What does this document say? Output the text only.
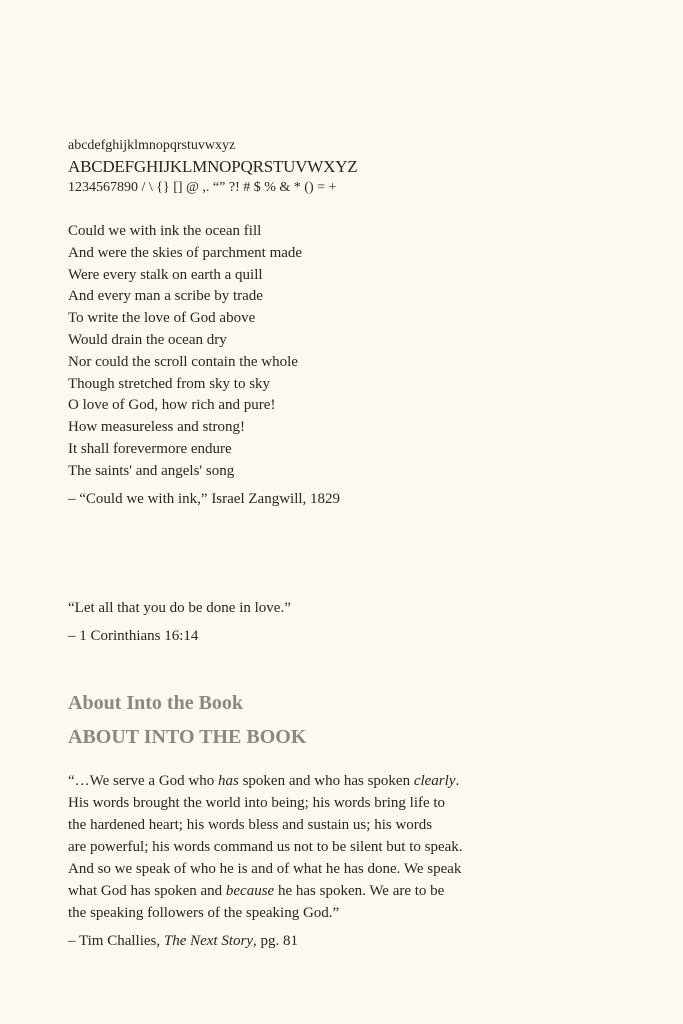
abcdefghijklmnopqrstuvwxyz
ABCDEFGHIJKLMNOPQRSTUVWXYZ
1234567890 / \ {} [] @ ,. “” ?! # $ % & * () = +
Could we with ink the ocean fill
And were the skies of parchment made
Were every stalk on earth a quill
And every man a scribe by trade
To write the love of God above
Would drain the ocean dry
Nor could the scroll contain the whole
Though stretched from sky to sky
O love of God, how rich and pure!
How measureless and strong!
It shall forevermore endure
The saints' and angels' song
– “Could we with ink,” Israel Zangwill, 1829
“Let all that you do be done in love.”
– 1 Corinthians 16:14
About Into the Book
ABOUT INTO THE BOOK
“…We serve a God who has spoken and who has spoken clearly.
His words brought the world into being; his words bring life to
the hardened heart; his words bless and sustain us; his words
are powerful; his words command us not to be silent but to speak.
And so we speak of who he is and of what he has done. We speak
what God has spoken and because he has spoken. We are to be
the speaking followers of the speaking God.”
– Tim Challies, The Next Story, pg. 81
